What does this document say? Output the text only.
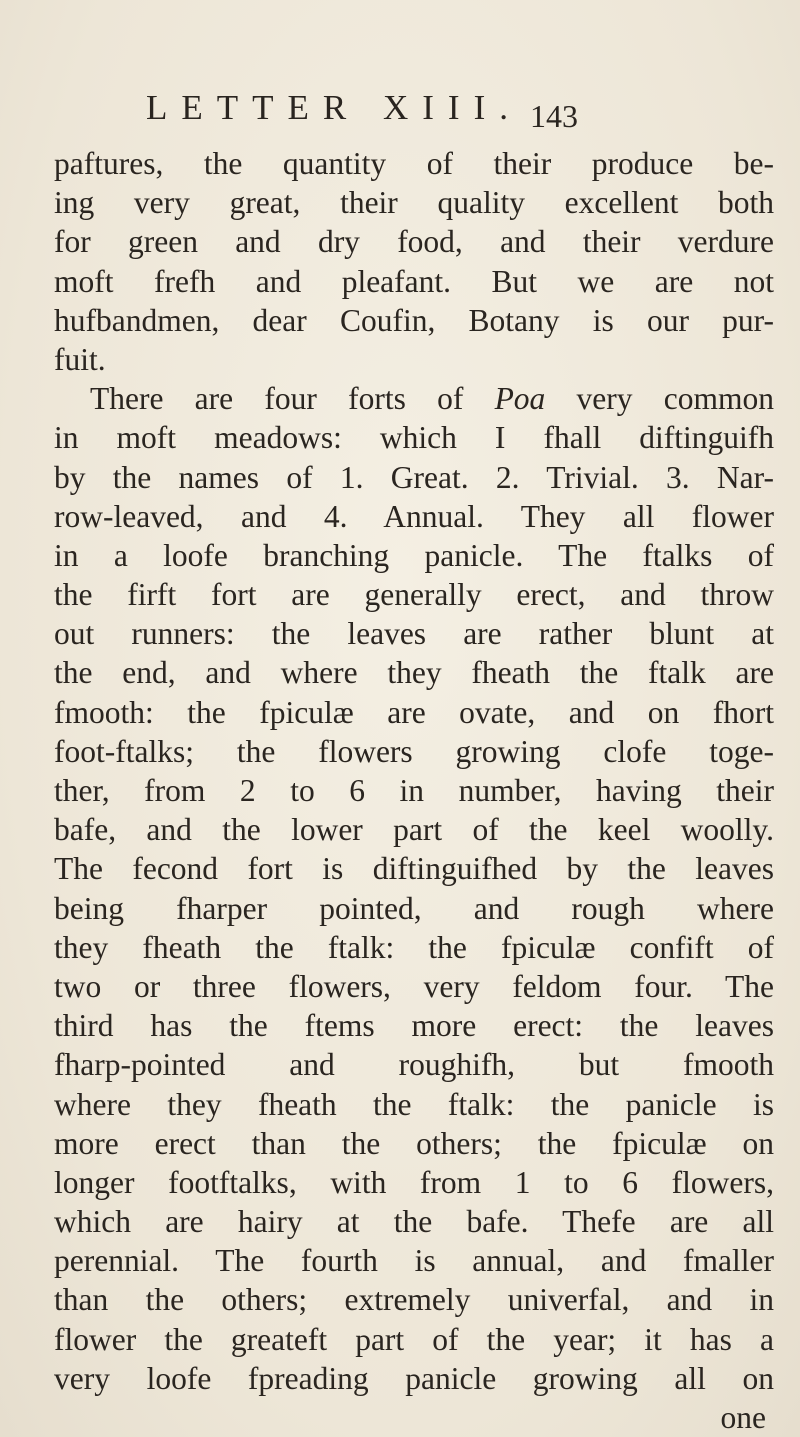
LETTER XIII. 143
paftures, the quantity of their produce be-
ing very great, their quality excellent both
for green and dry food, and their verdure
moft frefh and pleafant. But we are not
hufbandmen, dear Coufin, Botany is our pur-
fuit.
There are four forts of Poa very common
in moft meadows: which I fhall diftinguifh
by the names of 1. Great. 2. Trivial. 3. Nar-
row-leaved, and 4. Annual. They all flower
in a loofe branching panicle. The ftalks of
the firft fort are generally erect, and throw
out runners: the leaves are rather blunt at
the end, and where they fheath the ftalk are
fmooth: the fpiculæ are ovate, and on fhort
foot-ftalks; the flowers growing clofe toge-
ther, from 2 to 6 in number, having their
bafe, and the lower part of the keel woolly.
The fecond fort is diftinguifhed by the leaves
being fharper pointed, and rough where
they fheath the ftalk: the fpiculæ confift of
two or three flowers, very feldom four. The
third has the ftems more erect: the leaves
fharp-pointed and roughifh, but fmooth
where they fheath the ftalk: the panicle is
more erect than the others; the fpiculæ on
longer footftalks, with from 1 to 6 flowers,
which are hairy at the bafe. Thefe are all
perennial. The fourth is annual, and fmaller
than the others; extremely univerfal, and in
flower the greateft part of the year; it has a
very loofe fpreading panicle growing all on
one
